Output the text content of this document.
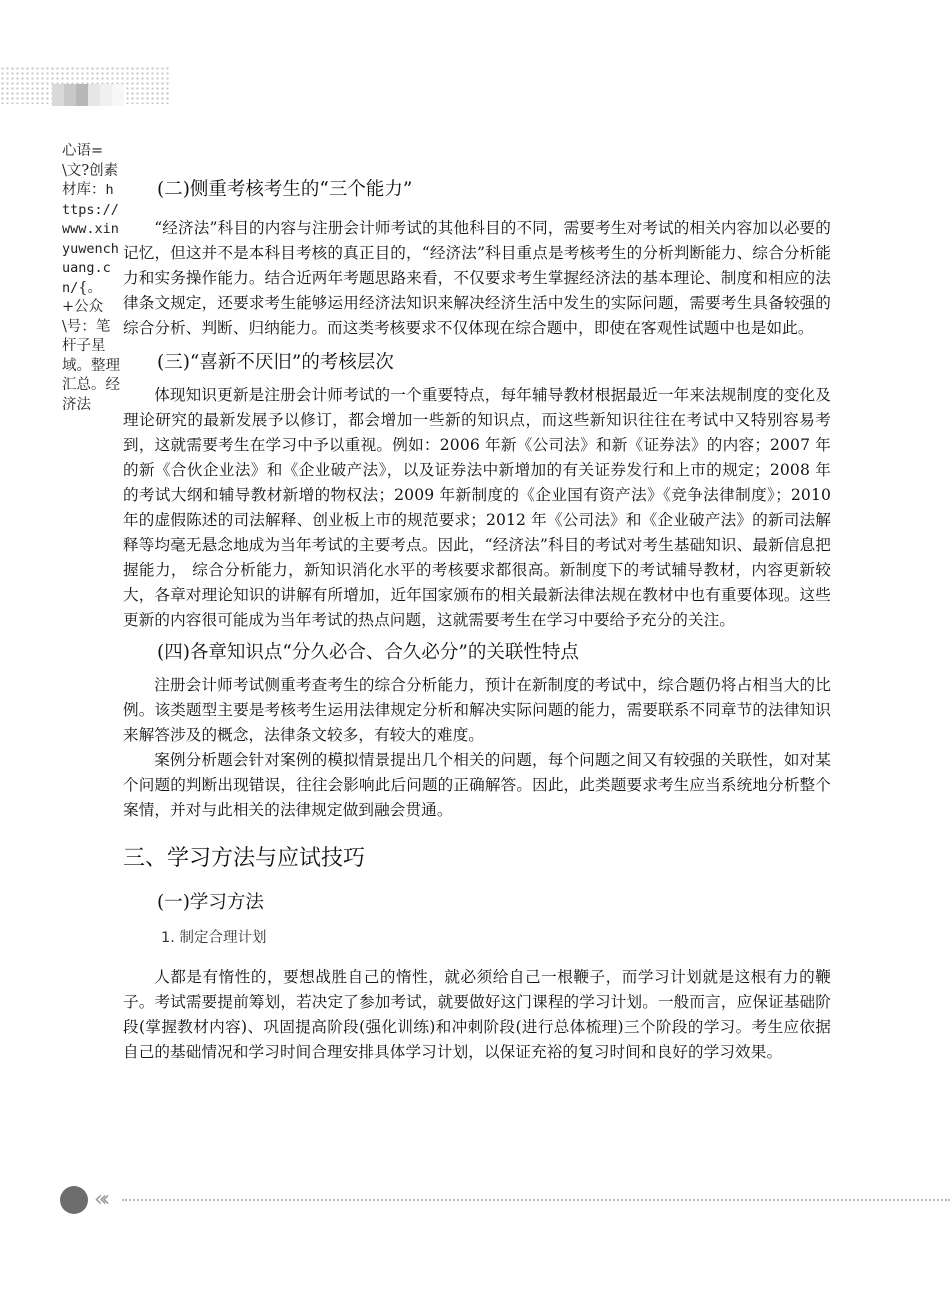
心语=\文?创素材库：https://www.xinyuwenchuang.cn/{。+公众\号：笔杆子星域。整理汇总。经济法

(二)侧重考核考生的“三个能力”

“经济法”科目的内容与注册会计师考试的其他科目的不同，需要考生对考试的相关内容加以必要的记忆，但这并不是本科目考核的真正目的，“经济法”科目重点是考核考生的分析判断能力、综合分析能力和实务操作能力。结合近两年考题思路来看，不仅要求考生掌握经济法的基本理论、制度和相应的法律条文规定，还要求考生能够运用经济法知识来解决经济生活中发生的实际问题，需要考生具备较强的综合分析、判断、归纳能力。而这类考核要求不仅体现在综合题中，即使在客观性试题中也是如此。

(三)“喜新不厌旧”的考核层次

体现知识更新是注册会计师考试的一个重要特点，每年辅导教材根据最近一年来法规制度的变化及理论研究的最新发展予以修订，都会增加一些新的知识点，而这些新知识往往在考试中又特别容易考到，这就需要考生在学习中予以重视。例如：2006 年新《公司法》和新《证券法》的内容；2007 年的新《合伙企业法》和《企业破产法》，以及证券法中新增加的有关证券发行和上市的规定；2008 年的考试大纲和辅导教材新增的物权法；2009 年新制度的《企业国有资产法》《竞争法律制度》；2010 年的虚假陈述的司法解释、创业板上市的规范要求；2012 年《公司法》和《企业破产法》的新司法解释等均毫无悬念地成为当年考试的主要考点。因此，“经济法”科目的考试对考生基础知识、最新信息把握能力， 综合分析能力，新知识消化水平的考核要求都很高。新制度下的考试辅导教材，内容更新较大，各章对理论知识的讲解有所增加，近年国家颁布的相关最新法律法规在教材中也有重要体现。这些更新的内容很可能成为当年考试的热点问题，这就需要考生在学习中要给予充分的关注。

(四)各章知识点“分久必合、合久必分”的关联性特点

注册会计师考试侧重考查考生的综合分析能力，预计在新制度的考试中，综合题仍将占相当大的比例。该类题型主要是考核考生运用法律规定分析和解决实际问题的能力，需要联系不同章节的法律知识来解答涉及的概念，法律条文较多，有较大的难度。

案例分析题会针对案例的模拟情景提出几个相关的问题，每个问题之间又有较强的关联性，如对某个问题的判断出现错误，往往会影响此后问题的正确解答。因此，此类题要求考生应当系统地分析整个案情，并对与此相关的法律规定做到融会贯通。

三、学习方法与应试技巧

(一)学习方法

1. 制定合理计划

人都是有惰性的，要想战胜自己的惰性，就必须给自己一根鞭子，而学习计划就是这根有力的鞭子。考试需要提前筹划，若决定了参加考试，就要做好这门课程的学习计划。一般而言，应保证基础阶段(掌握教材内容)、巩固提高阶段(强化训练)和冲刺阶段(进行总体梳理)三个阶段的学习。考生应依据自己的基础情况和学习时间合理安排具体学习计划，以保证充裕的复习时间和良好的学习效果。

«‹
